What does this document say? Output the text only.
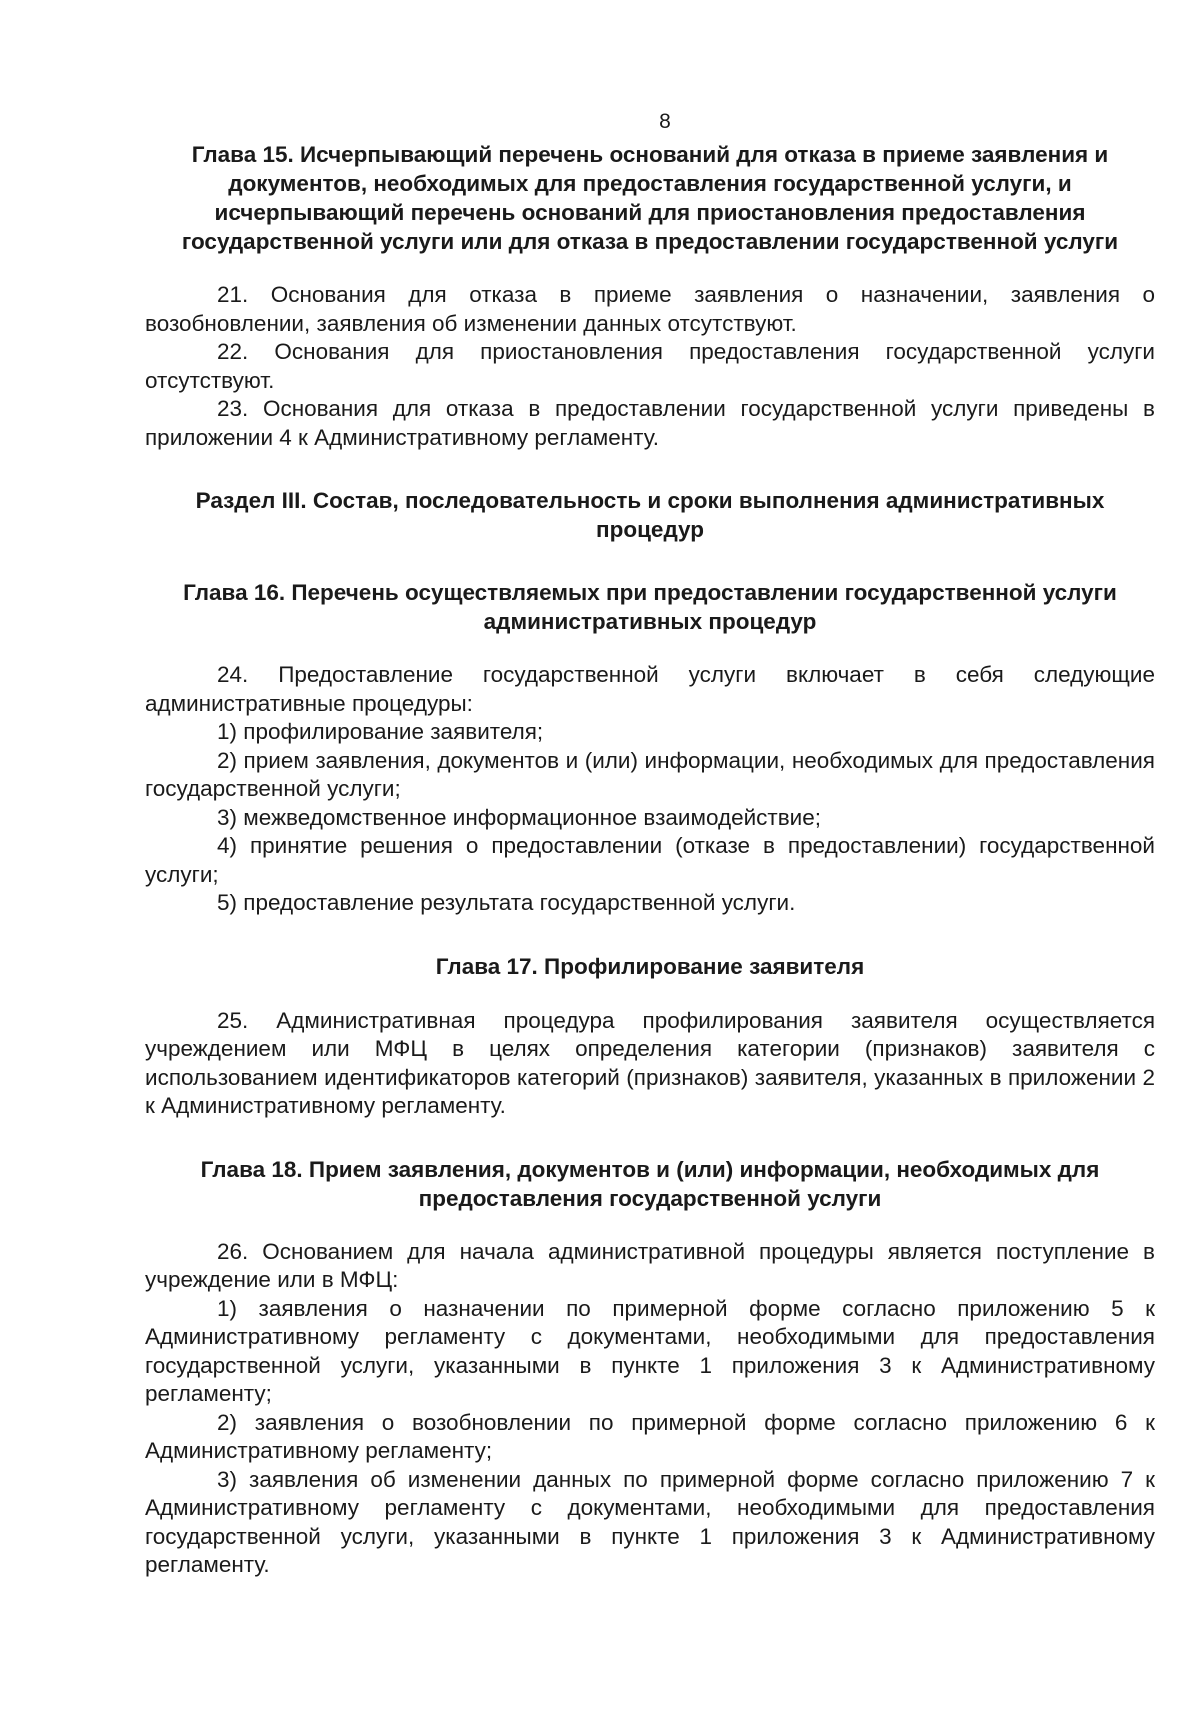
8
Глава 15. Исчерпывающий перечень оснований для отказа в приеме заявления и документов, необходимых для предоставления государственной услуги, и исчерпывающий перечень оснований для приостановления предоставления государственной услуги или для отказа в предоставлении государственной услуги

21. Основания для отказа в приеме заявления о назначении, заявления о возобновлении, заявления об изменении данных отсутствуют.

22. Основания для приостановления предоставления государственной услуги отсутствуют.

23. Основания для отказа в предоставлении государственной услуги приведены в приложении 4 к Административному регламенту.

Раздел III. Состав, последовательность и сроки выполнения административных процедур
Глава 16. Перечень осуществляемых при предоставлении государственной услуги административных процедур

24. Предоставление государственной услуги включает в себя следующие административные процедуры:

1) профилирование заявителя;

2) прием заявления, документов и (или) информации, необходимых для предоставления государственной услуги;

3) межведомственное информационное взаимодействие;

4) принятие решения о предоставлении (отказе в предоставлении) государственной услуги;

5) предоставление результата государственной услуги.

Глава 17. Профилирование заявителя

25. Административная процедура профилирования заявителя осуществляется учреждением или МФЦ в целях определения категории (признаков) заявителя с использованием идентификаторов категорий (признаков) заявителя, указанных в приложении 2 к Административному регламенту.

Глава 18. Прием заявления, документов и (или) информации, необходимых для предоставления государственной услуги

26. Основанием для начала административной процедуры является поступление в учреждение или в МФЦ:

1) заявления о назначении по примерной форме согласно приложению 5 к Административному регламенту с документами, необходимыми для предоставления государственной услуги, указанными в пункте 1 приложения 3 к Административному регламенту;

2) заявления о возобновлении по примерной форме согласно приложению 6 к Административному регламенту;

3) заявления об изменении данных по примерной форме согласно приложению 7 к Административному регламенту с документами, необходимыми для предоставления государственной услуги, указанными в пункте 1 приложения 3 к Административному регламенту.
